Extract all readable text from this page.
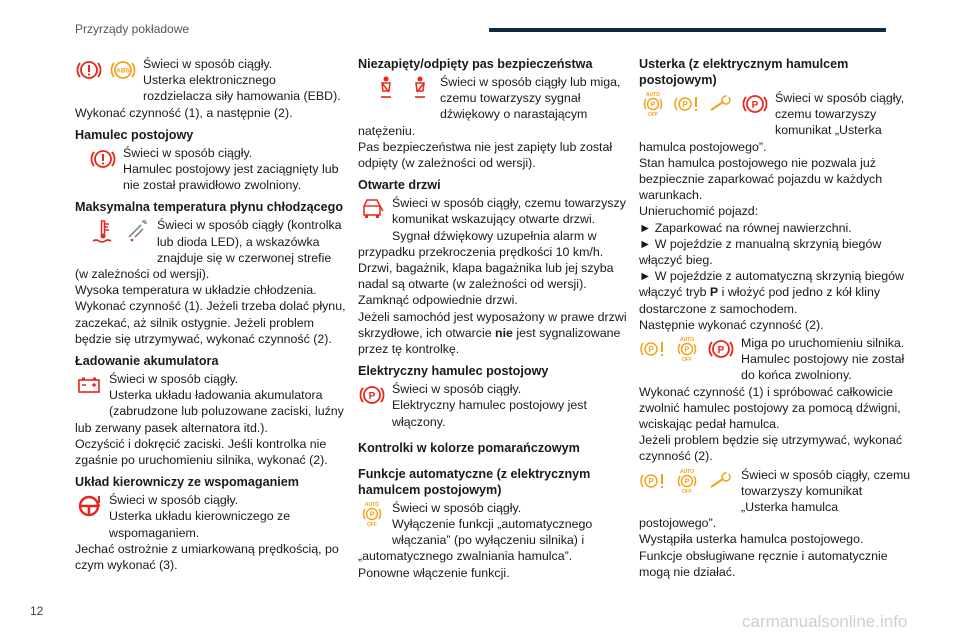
Przyrządy pokładowe
12
ABS Świeci w sposób ciągły.
Usterka elektronicznego rozdzielacza siły hamowania (EBD).
Wykonać czynność (1), a następnie (2).
Hamulec postojowy
Świeci w sposób ciągły.
Hamulec postojowy jest zaciągnięty lub nie został prawidłowo zwolniony.
Maksymalna temperatura płynu chłodzącego
Świeci w sposób ciągły (kontrolka lub dioda LED), a wskazówka znajduje się w czerwonej strefie (w zależności od wersji).
Wysoka temperatura w układzie chłodzenia.
Wykonać czynność (1). Jeżeli trzeba dolać płynu, zaczekać, aż silnik ostygnie. Jeżeli problem będzie się utrzymywać, wykonać czynność (2).
Ładowanie akumulatora
Świeci w sposób ciągły.
Usterka układu ładowania akumulatora (zabrudzone lub poluzowane zaciski, luźny lub zerwany pasek alternatora itd.).
Oczyścić i dokręcić zaciski. Jeśli kontrolka nie zgaśnie po uruchomieniu silnika, wykonać (2).
Układ kierowniczy ze wspomaganiem
Świeci w sposób ciągły.
Usterka układu kierowniczego ze wspomaganiem.
Jechać ostrożnie z umiarkowaną prędkością, po czym wykonać (3).
Niezapięty/odpięty pas bezpieczeństwa
Świeci w sposób ciągły lub miga, czemu towarzyszy sygnał dźwiękowy o narastającym natężeniu.
Pas bezpieczeństwa nie jest zapięty lub został odpięty (w zależności od wersji).
Otwarte drzwi
Świeci w sposób ciągły, czemu towarzyszy komunikat wskazujący otwarte drzwi.
Sygnał dźwiękowy uzupełnia alarm w przypadku przekroczenia prędkości 10 km/h.
Drzwi, bagażnik, klapa bagażnika lub jej szyba nadal są otwarte (w zależności od wersji).
Zamknąć odpowiednie drzwi.
Jeżeli samochód jest wyposażony w prawe drzwi skrzydłowe, ich otwarcie nie jest sygnalizowane przez tę kontrolkę.
Elektryczny hamulec postojowy
P
Świeci w sposób ciągły.
Elektryczny hamulec postojowy jest włączony.
Kontrolki w kolorze pomarańczowym
Funkcje automatyczne (z elektrycznym hamulcem postojowym)
AUTO
P
OFF
Świeci w sposób ciągły.
Wyłączenie funkcji „automatycznego włączania” (po wyłączeniu silnika) i „automatycznego zwalniania hamulca”.
Ponowne włączenie funkcji.
Usterka (z elektrycznym hamulcem postojowym)
AUTO
P
OFF
P	P
Świeci w sposób ciągły, czemu towarzyszy komunikat „Usterka hamulca postojowego”.
Stan hamulca postojowego nie pozwala już bezpiecznie zaparkować pojazdu w każdych warunkach.
Unieruchomić pojazd:
► Zaparkować na równej nawierzchni.
► W pojeździe z manualną skrzynią biegów włączyć bieg.
► W pojeździe z automatyczną skrzynią biegów włączyć tryb P i włożyć pod jedno z kół kliny dostarczone z samochodem.
Następnie wykonać czynność (2).
P
AUTO
P
OFF
P
Miga po uruchomieniu silnika.
Hamulec postojowy nie został do końca zwolniony.
Wykonać czynność (1) i spróbować całkowicie zwolnić hamulec postojowy za pomocą dźwigni, wciskając pedał hamulca.
Jeżeli problem będzie się utrzymywać, wykonać czynność (2).
P
AUTO
P
OFF
Świeci w sposób ciągły, czemu towarzyszy komunikat „Usterka hamulca postojowego”.
Wystąpiła usterka hamulca postojowego.
Funkcje obsługiwane ręcznie i automatycznie mogą nie działać.
carmanualsonline.info
